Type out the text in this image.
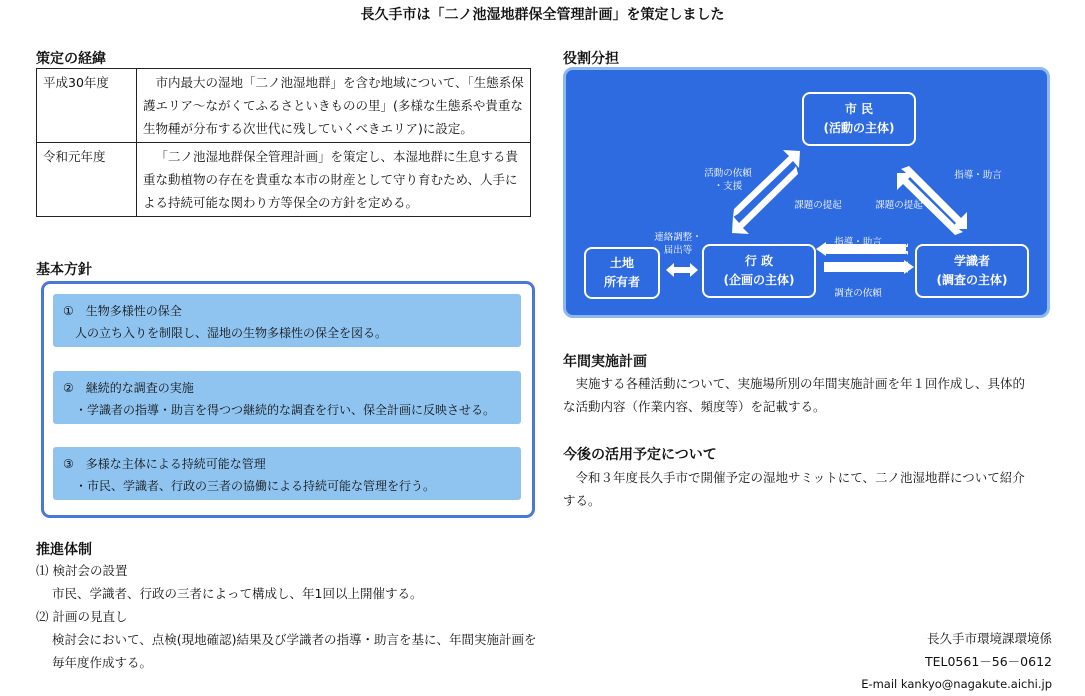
長久手市は「二ノ池湿地群保全管理計画」を策定しました
策定の経緯
平成30年度	市内最大の湿地「二ノ池湿地群」を含む地域について、「生態系保護エリア～ながくてふるさといきものの里」(多様な生態系や貴重な生物種が分布する次世代に残していくべきエリア)に設定。
令和元年度	「二ノ池湿地群保全管理計画」を策定し、本湿地群に生息する貴重な動植物の存在を貴重な本市の財産として守り育むため、人手による持続可能な関わり方等保全の方針を定める。
基本方針
①　生物多様性の保全
人の立ち入りを制限し、湿地の生物多様性の保全を図る。
②　継続的な調査の実施
・学識者の指導・助言を得つつ継続的な調査を行い、保全計画に反映させる。
③　多様な主体による持続可能な管理
・市民、学識者、行政の三者の協働による持続可能な管理を行う。
推進体制
⑴ 検討会の設置
市民、学識者、行政の三者によって構成し、年1回以上開催する。
⑵ 計画の見直し
検討会において、点検(現地確認)結果及び学識者の指導・助言を基に、年間実施計画を毎年度作成する。
役割分担
市 民
(活動の主体)
行 政
(企画の主体)
学識者
(調査の主体)
土地
所有者
活動の依頼
・支援
課題の提起	課題の提起
指導・助言
指導・助言
調査の依頼
連絡調整・
届出等
年間実施計画
実施する各種活動について、実施場所別の年間実施計画を年１回作成し、具体的な活動内容（作業内容、頻度等）を記載する。
今後の活用予定について
令和３年度長久手市で開催予定の湿地サミットにて、二ノ池湿地群について紹介する。
長久手市環境課環境係
TEL0561－56－0612
E-mail kankyo@nagakute.aichi.jp
